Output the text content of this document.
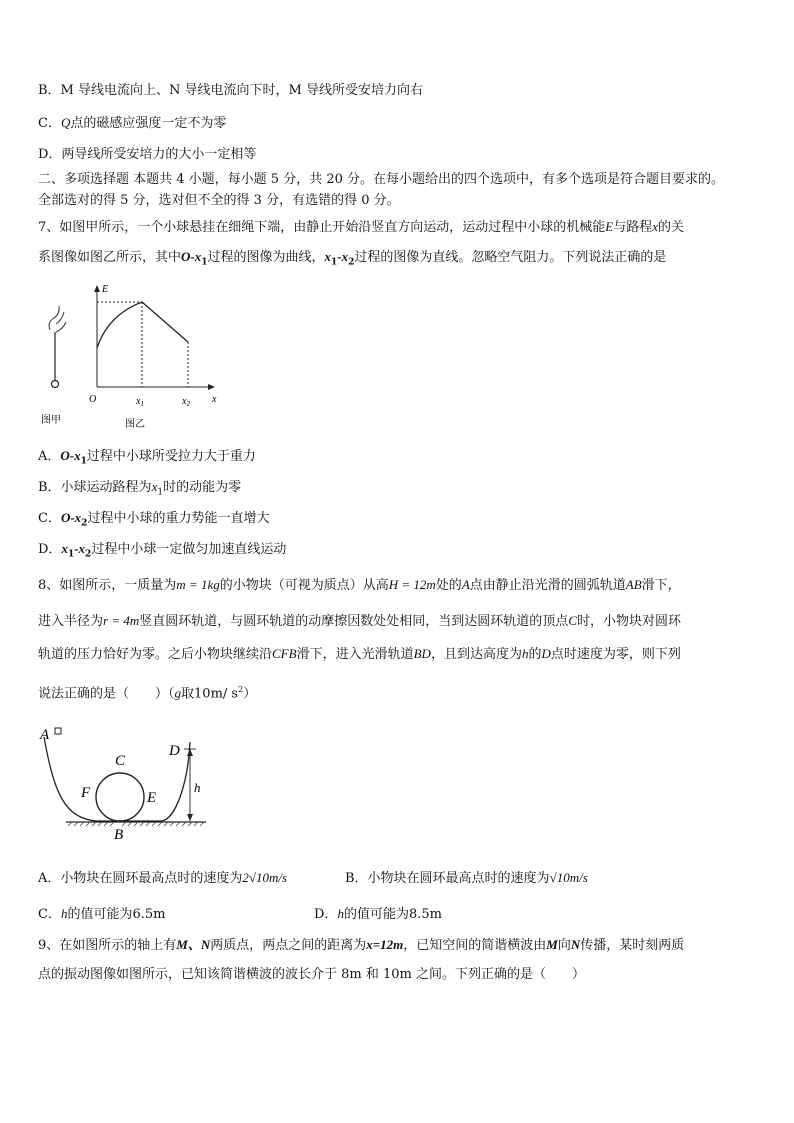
B．M 导线电流向上、N 导线电流向下时，M 导线所受安培力向右
C．Q点的磁感应强度一定不为零
D．两导线所受安培力的大小一定相等
二、多项选择题 本题共 4 小题，每小题 5 分，共 20 分。在每小题给出的四个选项中，有多个选项是符合题目要求的。
全部选对的得 5 分，选对但不全的得 3 分，有选错的得 0 分。
7、如图甲所示，一个小球悬挂在细绳下端，由静止开始沿竖直方向运动，运动过程中小球的机械能E与路程x的关
系图像如图乙所示，其中$O-x_1$过程的图像为曲线，$x_1-x_2$过程的图像为直线。忽略空气阻力。下列说法正确的是
E
O	$x_1$	$x_2$ x
图甲	图乙
A．$O-x_1$过程中小球所受拉力大于重力
B．小球运动路程为$x_1$时的动能为零
C．$O-x_2$过程中小球的重力势能一直增大
D．$x_1-x_2$过程中小球一定做匀加速直线运动
8、如图所示，一质量为m = 1kg的小物块（可视为质点）从高H = 12m处的A点由静止沿光滑的圆弧轨道AB滑下，
进入半径为r = 4m竖直圆环轨道，与圆环轨道的动摩擦因数处处相同，当到达圆环轨道的顶点C时，小物块对圆环
轨道的压力恰好为零。之后小物块继续沿CFB滑下，进入光滑轨道BD，且到达高度为h的D点时速度为零，则下列
说法正确的是（　　）（g取10m/ $s^2$）
A
C
D
F	E
B
h
A．小物块在圆环最高点时的速度为2√10m/s	B．小物块在圆环最高点时的速度为√10m/s
C．h的值可能为6.5m	D．h的值可能为8.5m
9、在如图所示的轴上有M、N两质点，两点之间的距离为x=12m，已知空间的简谐横波由M向N传播，某时刻两质
点的振动图像如图所示，已知该简谐横波的波长介于 8m 和 10m 之间。下列正确的是（　　）
